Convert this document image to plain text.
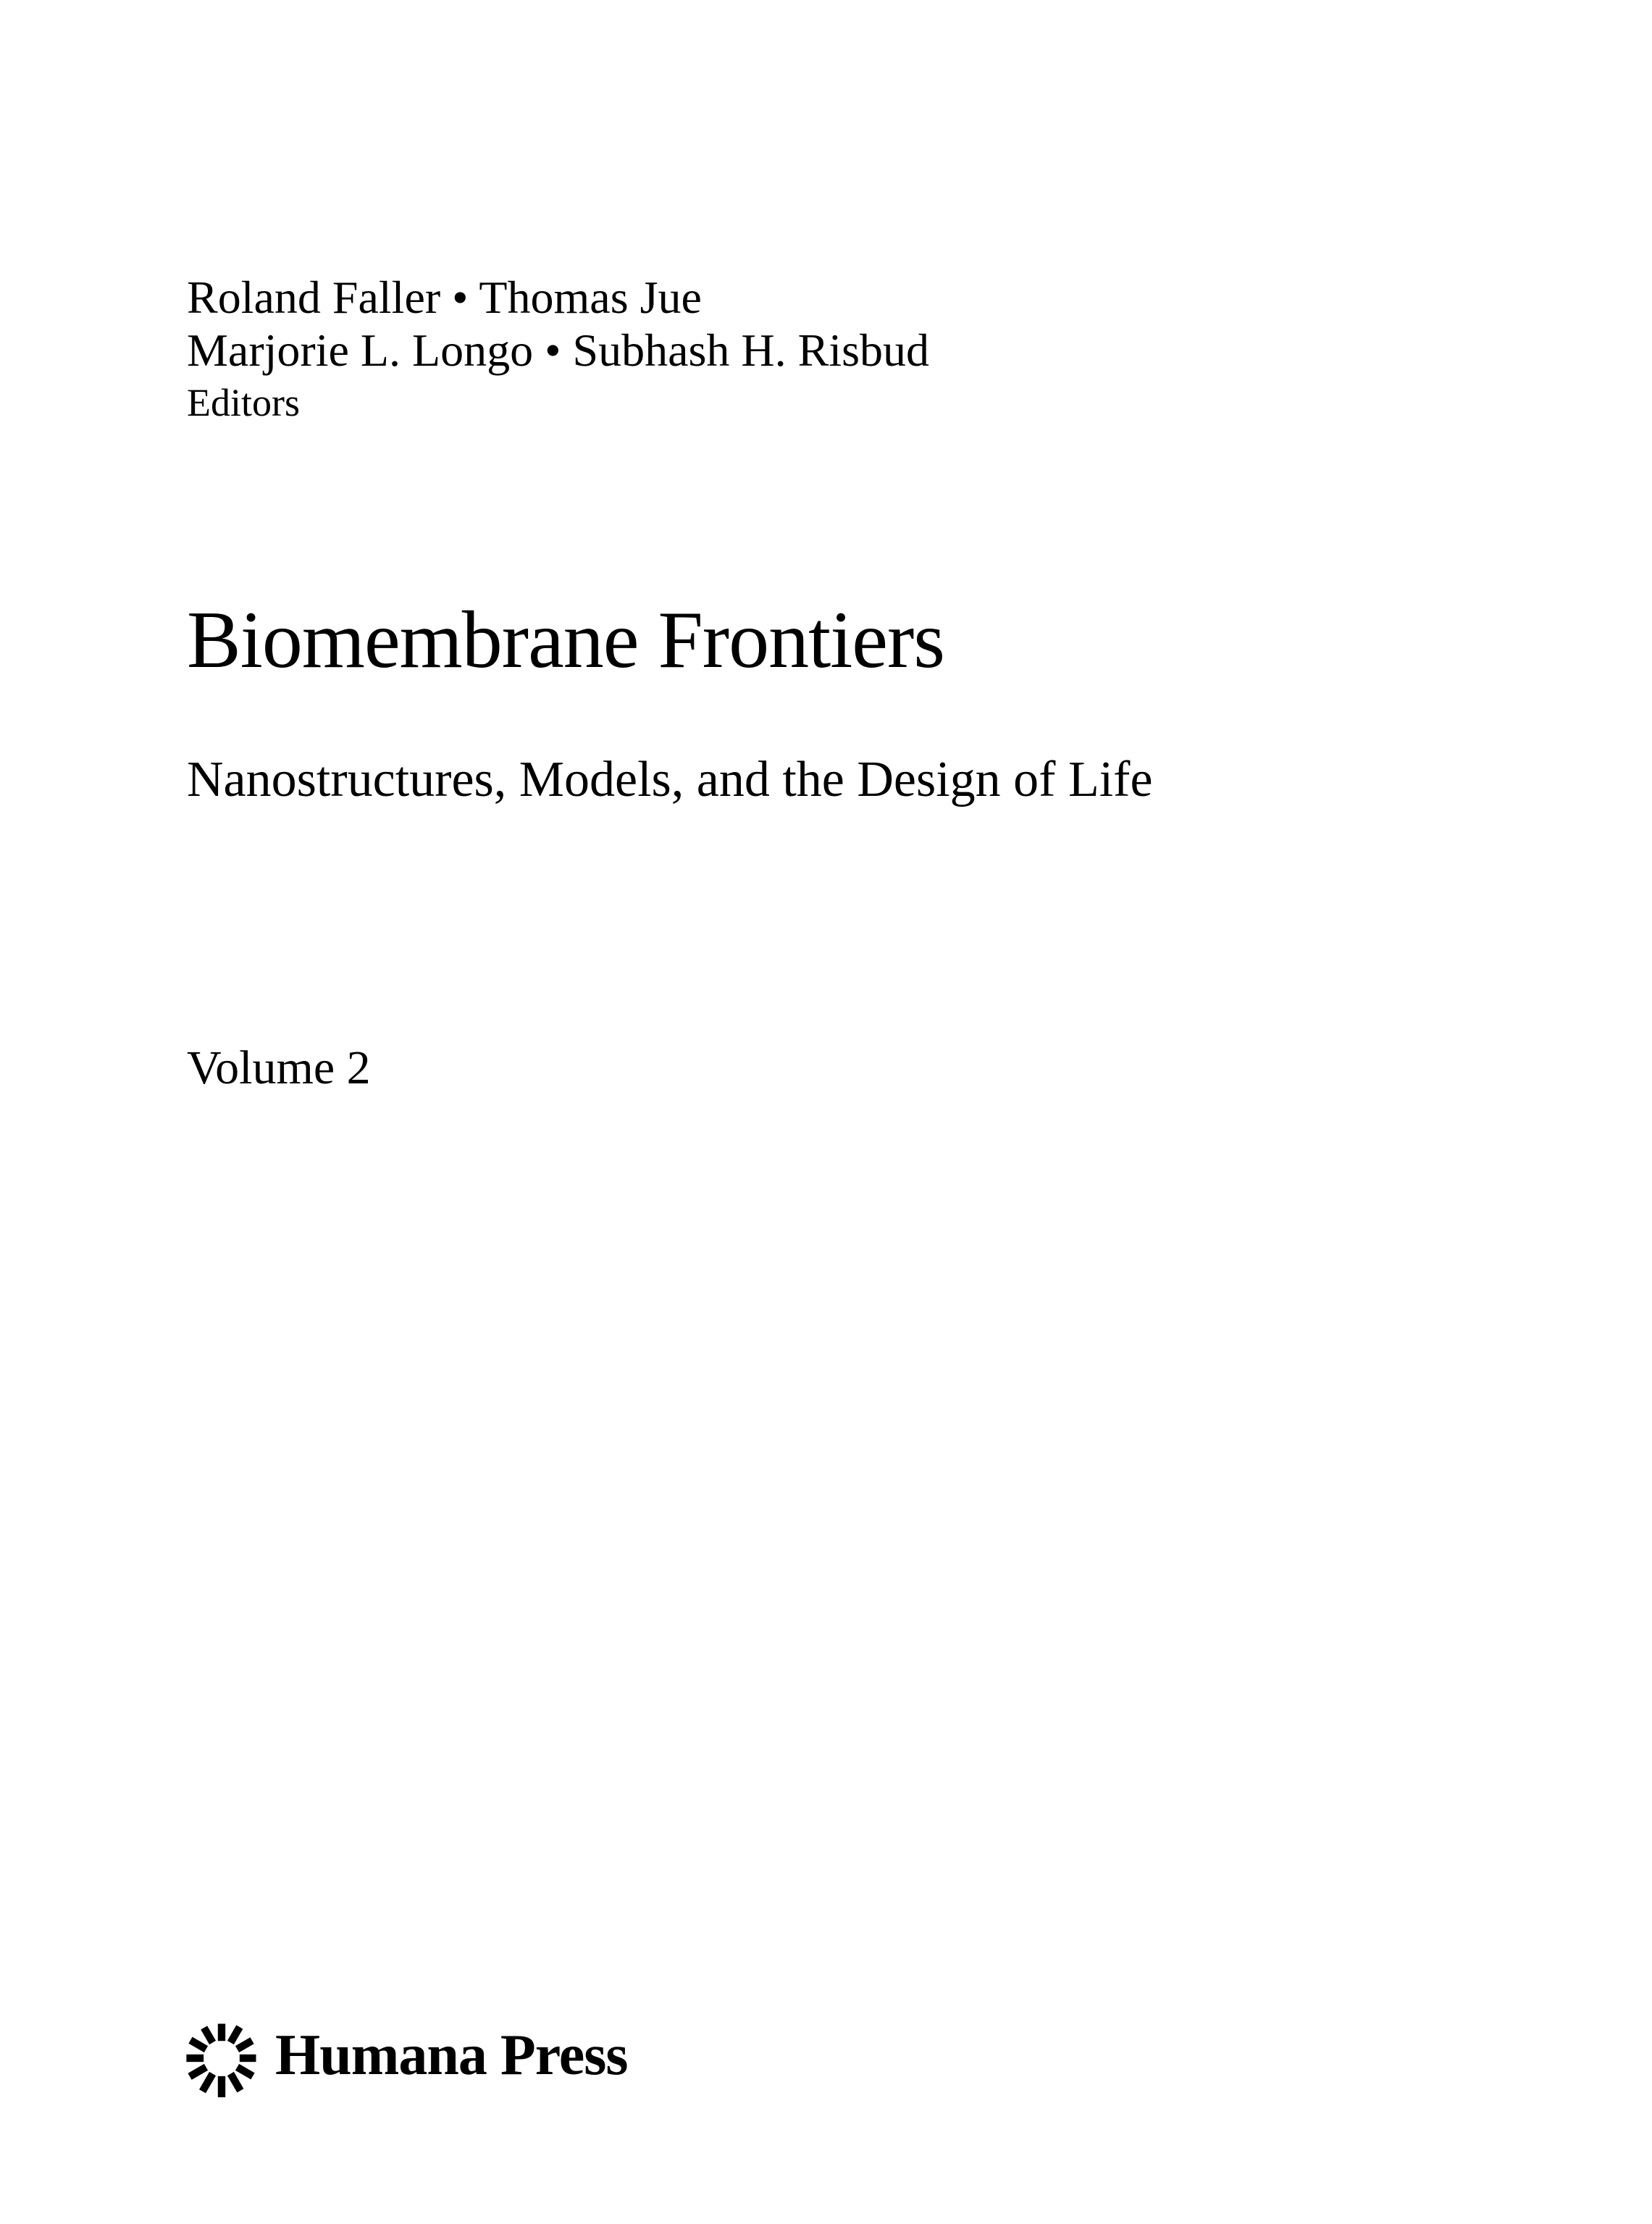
Roland Faller • Thomas Jue
Marjorie L. Longo • Subhash H. Risbud
Editors
Biomembrane Frontiers
Nanostructures, Models, and the Design of Life
Volume 2
Humana Press
